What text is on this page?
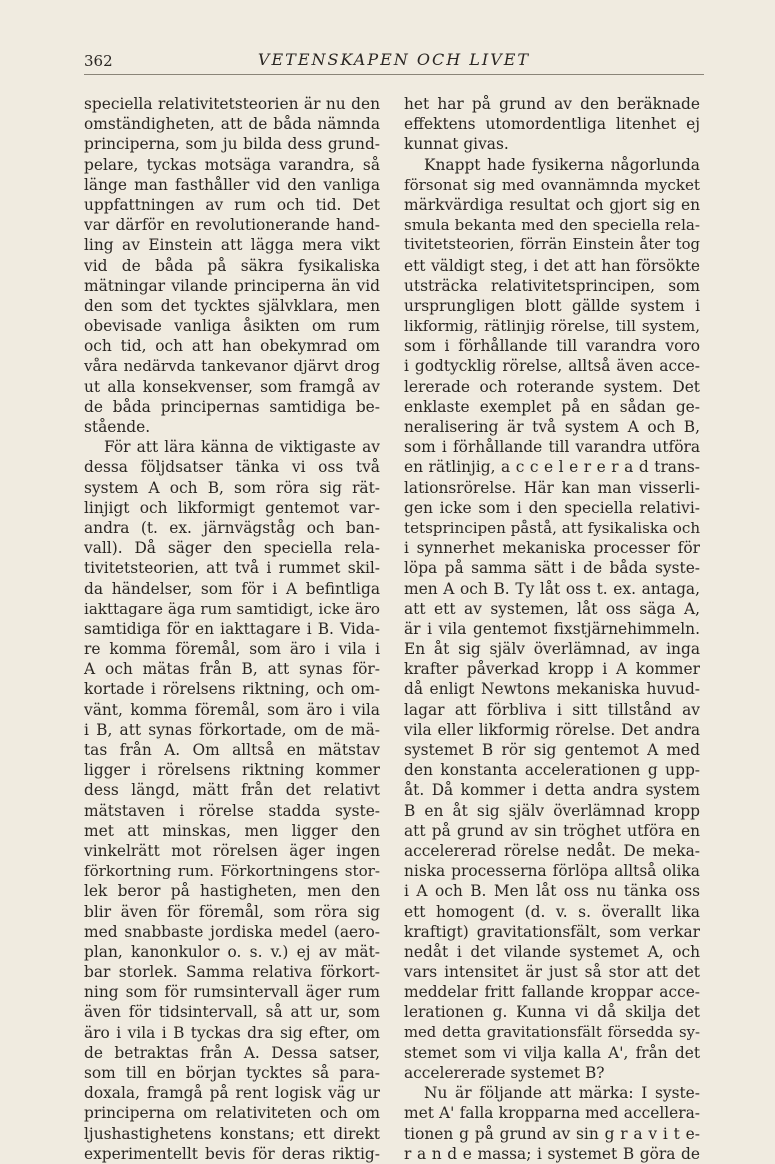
362	VETENSKAPEN OCH LIVET
speciella relativitetsteorien är nu den
omständigheten, att de båda nämnda
principerna, som ju bilda dess grund-
pelare, tyckas motsäga varandra, så
länge man fasthåller vid den vanliga
uppfattningen av rum och tid. Det
var därför en revolutionerande hand-
ling av Einstein att lägga mera vikt
vid de båda på säkra fysikaliska
mätningar vilande principerna än vid
den som det tycktes självklara, men
obevisade vanliga åsikten om rum
och tid, och att han obekymrad om
våra nedärvda tankevanor djärvt drog
ut alla konsekvenser, som framgå av
de båda principernas samtidiga be-
stående.
För att lära känna de viktigaste av
dessa följdsatser tänka vi oss två
system A och B, som röra sig rät-
linjigt och likformigt gentemot var-
andra (t. ex. järnvägståg och ban-
vall). Då säger den speciella rela-
tivitetsteorien, att två i rummet skil-
da händelser, som för i A befintliga
iakttagare äga rum samtidigt, icke äro
samtidiga för en iakttagare i B. Vida-
re komma föremål, som äro i vila i
A och mätas från B, att synas för-
kortade i rörelsens riktning, och om-
vänt, komma föremål, som äro i vila
i B, att synas förkortade, om de mä-
tas från A. Om alltså en mätstav
ligger i rörelsens riktning kommer
dess längd, mätt från det relativt
mätstaven i rörelse stadda syste-
met att minskas, men ligger den
vinkelrätt mot rörelsen äger ingen
förkortning rum. Förkortningens stor-
lek beror på hastigheten, men den
blir även för föremål, som röra sig
med snabbaste jordiska medel (aero-
plan, kanonkulor o. s. v.) ej av mät-
bar storlek. Samma relativa förkort-
ning som för rumsintervall äger rum
även för tidsintervall, så att ur, som
äro i vila i B tyckas dra sig efter, om
de betraktas från A. Dessa satser,
som till en början tycktes så para-
doxala, framgå på rent logisk väg ur
principerna om relativiteten och om
ljushastighetens konstans; ett direkt
experimentellt bevis för deras riktig-
het har på grund av den beräknade
effektens utomordentliga litenhet ej
kunnat givas.
Knappt hade fysikerna någorlunda
försonat sig med ovannämnda mycket
märkvärdiga resultat och gjort sig en
smula bekanta med den speciella rela-
tivitetsteorien, förrän Einstein åter tog
ett väldigt steg, i det att han försökte
utsträcka relativitetsprincipen, som
ursprungligen blott gällde system i
likformig, rätlinjig rörelse, till system,
som i förhållande till varandra voro
i godtycklig rörelse, alltså även acce-
lererade och roterande system. Det
enklaste exemplet på en sådan ge-
neralisering är två system A och B,
som i förhållande till varandra utföra
en rätlinjig, a c c e l e r e r a d trans-
lationsrörelse. Här kan man visserli-
gen icke som i den speciella relativi-
tetsprincipen påstå, att fysikaliska och
i synnerhet mekaniska processer för
löpa på samma sätt i de båda syste-
men A och B. Ty låt oss t. ex. antaga,
att ett av systemen, låt oss säga A,
är i vila gentemot fixstjärnehimmeln.
En åt sig själv överlämnad, av inga
krafter påverkad kropp i A kommer
då enligt Newtons mekaniska huvud-
lagar att förbliva i sitt tillstånd av
vila eller likformig rörelse. Det andra
systemet B rör sig gentemot A med
den konstanta accelerationen g upp-
åt. Då kommer i detta andra system
B en åt sig själv överlämnad kropp
att på grund av sin tröghet utföra en
accelererad rörelse nedåt. De meka-
niska processerna förlöpa alltså olika
i A och B. Men låt oss nu tänka oss
ett homogent (d. v. s. överallt lika
kraftigt) gravitationsfält, som verkar
nedåt i det vilande systemet A, och
vars intensitet är just så stor att det
meddelar fritt fallande kroppar acce-
lerationen g. Kunna vi då skilja det
med detta gravitationsfält försedda sy-
stemet som vi vilja kalla A', från det
accelererade systemet B?
Nu är följande att märka: I syste-
met A' falla kropparna med accellera-
tionen g på grund av sin g r a v i t e-
r a n d e massa; i systemet B göra de
